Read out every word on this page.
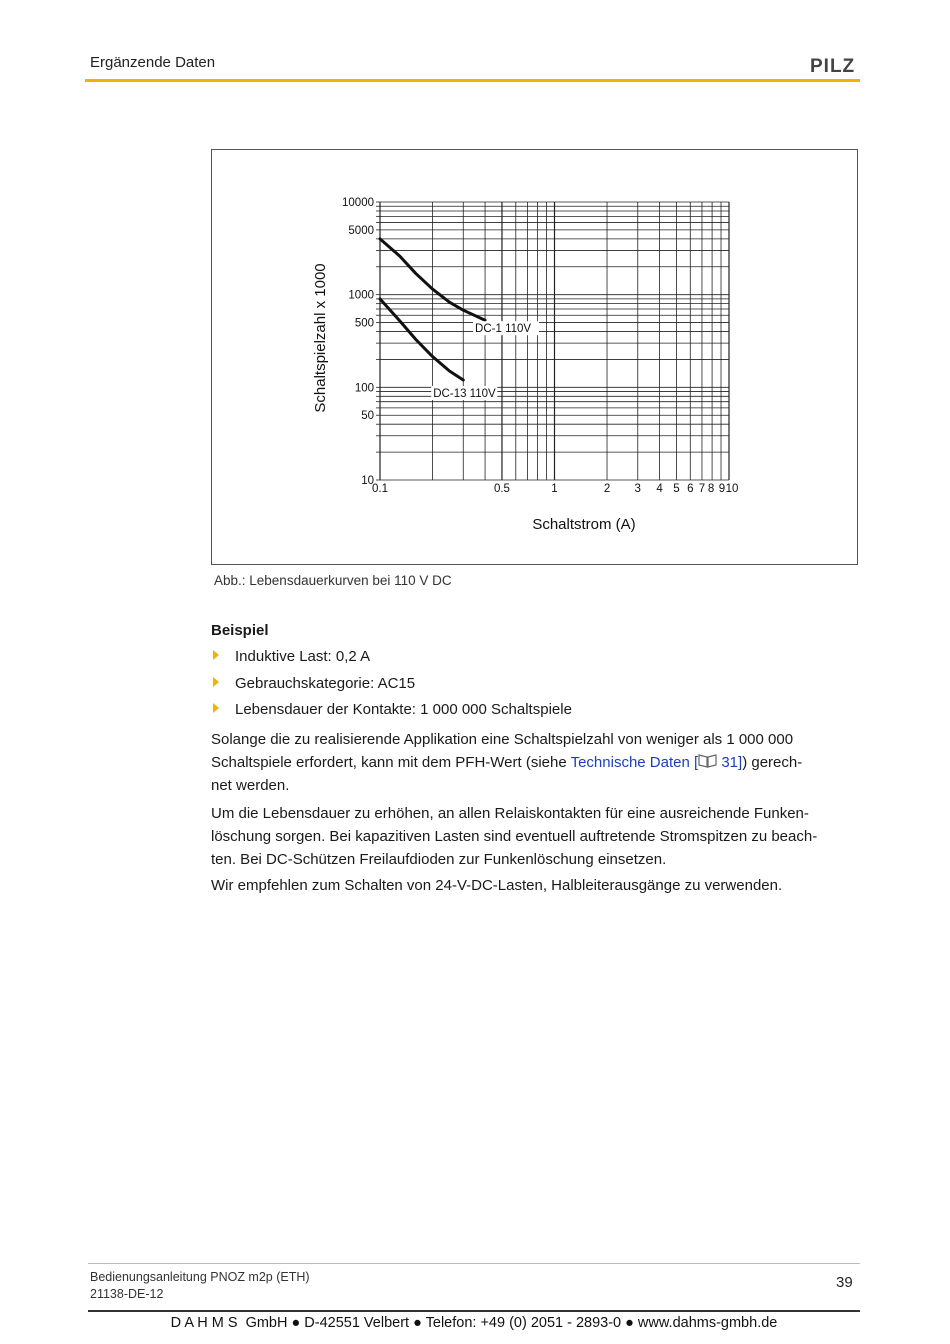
Ergänzende Daten	PILZ
0.1	0.5	1	2 3 4 5 6 7 8 9 10
10
50
100
500
1000
5000
10000
DC-1 110V
DC-13 110V
Schaltstrom (A)
Schaltspielzahl x 1000
Abb.: Lebensdauerkurven bei 110 V DC
Beispiel
Induktive Last: 0,2 A
Gebrauchskategorie: AC15
Lebensdauer der Kontakte: 1 000 000 Schaltspiele
Solange die zu realisierende Applikation eine Schaltspielzahl von weniger als 1 000 000
Schaltspiele erfordert, kann mit dem PFH-Wert (siehe Technische Daten [ 31]) gerech-
net werden.
Um die Lebensdauer zu erhöhen, an allen Relaiskontakten für eine ausreichende Funken-
löschung sorgen. Bei kapazitiven Lasten sind eventuell auftretende Stromspitzen zu beach-
ten. Bei DC-Schützen Freilaufdioden zur Funkenlöschung einsetzen.
Wir empfehlen zum Schalten von 24-V-DC-Lasten, Halbleiterausgänge zu verwenden.
Bedienungsanleitung PNOZ m2p (ETH)
21138-DE-12
39
D A H M S  GmbH ● D-42551 Velbert ● Telefon: +49 (0) 2051 - 2893-0 ● www.dahms-gmbh.de
